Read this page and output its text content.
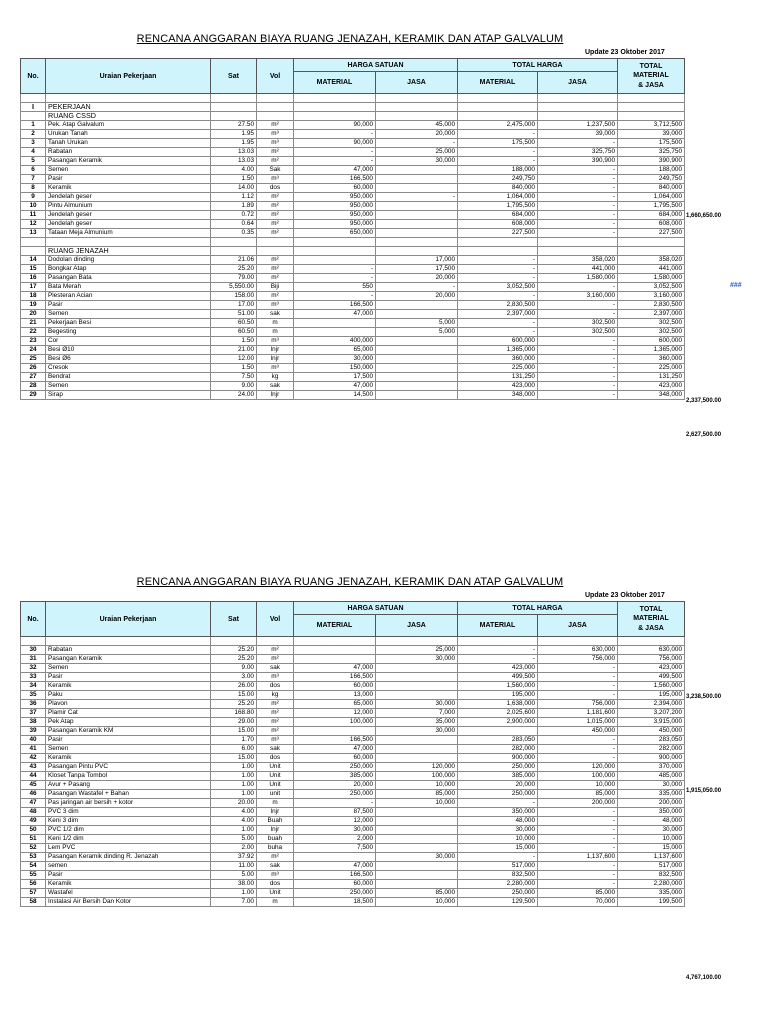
RENCANA ANGGARAN BIAYA RUANG JENAZAH, KERAMIK DAN ATAP GALVALUM
Update 23 Oktober 2017
No.	Uraian Pekerjaan	Sat	Vol	HARGA SATUAN		TOTAL HARGA		TOTAL
MATERIAL
& JASA
				MATERIAL	JASA	MATERIAL	JASA	

I	PEKERJAAN							
	RUANG CSSD							
1	Pek. Atap Galvalum	27.50	m²	90,000	45,000	2,475,000	1,237,500	3,712,500
2	Urukan Tanah	1.95	m³	-	20,000	-	39,000	39,000
3	Tanah Urukan	1.95	m³	90,000	-	175,500	-	175,500
4	Rabatan	13.03	m²	-	25,000	-	325,750	325,750
5	Pasangan Keramik	13.03	m²	-	30,000	-	390,900	390,900
6	Semen	4.00	Sak	47,000		188,000	-	188,000
7	Pasir	1.50	m³	166,500		249,750	-	249,750
8	Keramik	14.00	dos	60,000		840,000	-	840,000
9	Jendelah geser	1.12	m²	950,000	-	1,064,000	-	1,064,000
10	Pintu Almunium	1.89	m²	950,000		1,795,500	-	1,795,500
11	Jendelah geser	0.72	m²	950,000		684,000	-	684,000
12	Jendelah geser	0.64	m²	950,000		608,000	-	608,000
13	Tataan Meja Almunium	0.35	m²	650,000		227,500	-	227,500

	RUANG JENAZAH							
14	Dodolan dinding	21.06	m²		17,000	-	358,020	358,020
15	Bongkar Atap	25.20	m²	-	17,500	-	441,000	441,000
16	Pasangan Bata	79.00	m²	-	20,000	-	1,580,000	1,580,000
17	Bata Merah	5,550.00	Biji	550	-	3,052,500	-	3,052,500
18	Plesteran Acian	158.00	m²	-	20,000	-	3,160,000	3,160,000
19	Pasir	17.00	m³	166,500		2,830,500	-	2,830,500
20	Semen	51.00	sak	47,000		2,397,000	-	2,397,000
21	Pekerjaan Besi	60.50	m		5,000	-	302,500	302,500
22	Begesting	60.50	m		5,000	-	302,500	302,500
23	Cor	1.50	m³	400,000		600,000	-	600,000
24	Besi Ø10	21.00	lnjr	65,000		1,365,000	-	1,365,000
25	Besi Ø6	12.00	lnjr	30,000		360,000	-	360,000
26	Cresok	1.50	m³	150,000		225,000	-	225,000
27	Bendrat	7.50	kg	17,500		131,250	-	131,250
28	Semen	9.00	sak	47,000		423,000	-	423,000
29	Sirap	24.00	lnjr	14,500		348,000	-	348,000
1,660,650.00
###
2,337,500.00
2,627,500.00
RENCANA ANGGARAN BIAYA RUANG JENAZAH, KERAMIK DAN ATAP GALVALUM
Update 23 Oktober 2017
No.	Uraian Pekerjaan	Sat	Vol	HARGA SATUAN		TOTAL HARGA		TOTAL
MATERIAL
& JASA
				MATERIAL	JASA	MATERIAL	JASA	

30	Rabatan	25.20	m²		25,000	-	630,000	630,000
31	Pasangan Keramik	25.20	m²		30,000	-	756,000	756,000
32	Semen	9.00	sak	47,000		423,000	-	423,000
33	Pasir	3.00	m³	166,500		499,500	-	499,500
34	Keramik	26.00	dos	60,000		1,560,000	-	1,560,000
35	Paku	15.00	kg	13,000		195,000	-	195,000
36	Plavon	25.20	m²	65,000	30,000	1,638,000	756,000	2,394,000
37	Plamir Cat	168.80	m²	12,000	7,000	2,025,600	1,181,600	3,207,200
38	Pek Atap	29.00	m²	100,000	35,000	2,900,000	1,015,000	3,915,000
39	Pasangan Keramik KM	15.00	m²		30,000		450,000	450,000
40	Pasir	1.70	m³	166,500		283,050	-	283,050
41	Semen	6.00	sak	47,000		282,000	-	282,000
42	Keramik	15.00	dos	60,000		900,000	-	900,000
43	Pasangan Pintu PVC	1.00	Unit	250,000	120,000	250,000	120,000	370,000
44	Kloset Tanpa Tombol	1.00	Unit	385,000	100,000	385,000	100,000	485,000
45	Avur + Pasang	1.00	Unit	20,000	10,000	20,000	10,000	30,000
46	Pasangan Wastafel + Bahan	1.00	unit	250,000	85,000	250,000	85,000	335,000
47	Pas jaringan air bersih + kotor	20.00	m	-	10,000	-	200,000	200,000
48	PVC 3 dim	4.00	lnjr	87,500		350,000	-	350,000
49	Keni 3 dim	4.00	Buah	12,000		48,000	-	48,000
50	PVC 1/2 dim	1.00	lnjr	30,000		30,000	-	30,000
51	Keni 1/2 dim	5.00	buah	2,000		10,000	-	10,000
52	Lem PVC	2.00	buha	7,500		15,000	-	15,000
53	Pasangan Keramik dinding R. Jenazah	37.92	m²		30,000	-	1,137,600	1,137,600
54	semen	11.00	sak	47,000		517,000	-	517,000
55	Pasir	5.00	m³	166,500		832,500	-	832,500
56	Keramik	38.00	dos	60,000		2,280,000	-	2,280,000
57	Wastafel	1.00	Unit	250,000	85,000	250,000	85,000	335,000
58	Instalasi Air Bersih Dan Kotor	7.00	m	18,500	10,000	129,500	70,000	199,500
3,238,500.00
1,915,050.00
4,767,100.00
